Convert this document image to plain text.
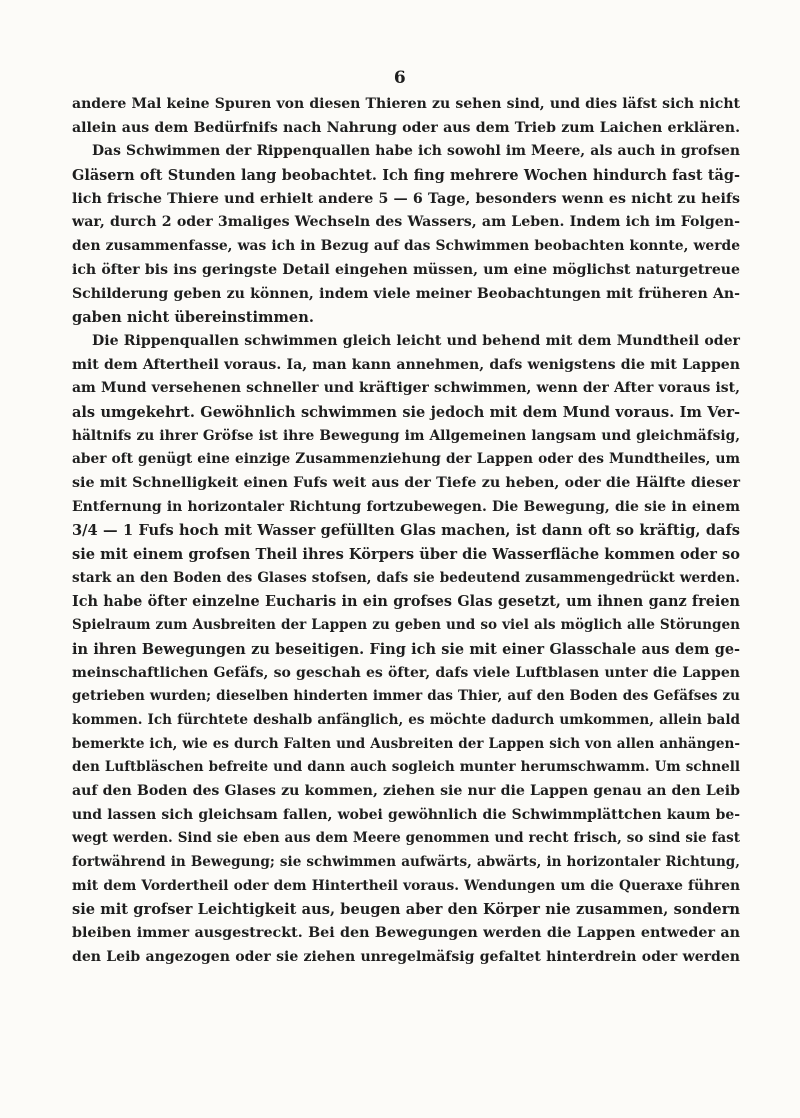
6
andere Mal keine Spuren von diesen Thieren zu sehen sind, und dies läfst sich nicht
allein aus dem Bedürfnifs nach Nahrung oder aus dem Trieb zum Laichen erklären.
Das Schwimmen der Rippenquallen habe ich sowohl im Meere, als auch in grofsen
Gläsern oft Stunden lang beobachtet. Ich fing mehrere Wochen hindurch fast täg-
lich frische Thiere und erhielt andere 5 — 6 Tage, besonders wenn es nicht zu heifs
war, durch 2 oder 3maliges Wechseln des Wassers, am Leben. Indem ich im Folgen-
den zusammenfasse, was ich in Bezug auf das Schwimmen beobachten konnte, werde
ich öfter bis ins geringste Detail eingehen müssen, um eine möglichst naturgetreue
Schilderung geben zu können, indem viele meiner Beobachtungen mit früheren An-
gaben nicht übereinstimmen.
Die Rippenquallen schwimmen gleich leicht und behend mit dem Mundtheil oder
mit dem Aftertheil voraus. Ia, man kann annehmen, dafs wenigstens die mit Lappen
am Mund versehenen schneller und kräftiger schwimmen, wenn der After voraus ist,
als umgekehrt. Gewöhnlich schwimmen sie jedoch mit dem Mund voraus. Im Ver-
hältnifs zu ihrer Gröfse ist ihre Bewegung im Allgemeinen langsam und gleichmäfsig,
aber oft genügt eine einzige Zusammenziehung der Lappen oder des Mundtheiles, um
sie mit Schnelligkeit einen Fufs weit aus der Tiefe zu heben, oder die Hälfte dieser
Entfernung in horizontaler Richtung fortzubewegen. Die Bewegung, die sie in einem
3/4 — 1 Fufs hoch mit Wasser gefüllten Glas machen, ist dann oft so kräftig, dafs
sie mit einem grofsen Theil ihres Körpers über die Wasserfläche kommen oder so
stark an den Boden des Glases stofsen, dafs sie bedeutend zusammengedrückt werden.
Ich habe öfter einzelne Eucharis in ein grofses Glas gesetzt, um ihnen ganz freien
Spielraum zum Ausbreiten der Lappen zu geben und so viel als möglich alle Störungen
in ihren Bewegungen zu beseitigen. Fing ich sie mit einer Glasschale aus dem ge-
meinschaftlichen Gefäfs, so geschah es öfter, dafs viele Luftblasen unter die Lappen
getrieben wurden; dieselben hinderten immer das Thier, auf den Boden des Gefäfses zu
kommen. Ich fürchtete deshalb anfänglich, es möchte dadurch umkommen, allein bald
bemerkte ich, wie es durch Falten und Ausbreiten der Lappen sich von allen anhängen-
den Luftbläschen befreite und dann auch sogleich munter herumschwamm. Um schnell
auf den Boden des Glases zu kommen, ziehen sie nur die Lappen genau an den Leib
und lassen sich gleichsam fallen, wobei gewöhnlich die Schwimmplättchen kaum be-
wegt werden. Sind sie eben aus dem Meere genommen und recht frisch, so sind sie fast
fortwährend in Bewegung; sie schwimmen aufwärts, abwärts, in horizontaler Richtung,
mit dem Vordertheil oder dem Hintertheil voraus. Wendungen um die Queraxe führen
sie mit grofser Leichtigkeit aus, beugen aber den Körper nie zusammen, sondern
bleiben immer ausgestreckt. Bei den Bewegungen werden die Lappen entweder an
den Leib angezogen oder sie ziehen unregelmäfsig gefaltet hinterdrein oder werden
